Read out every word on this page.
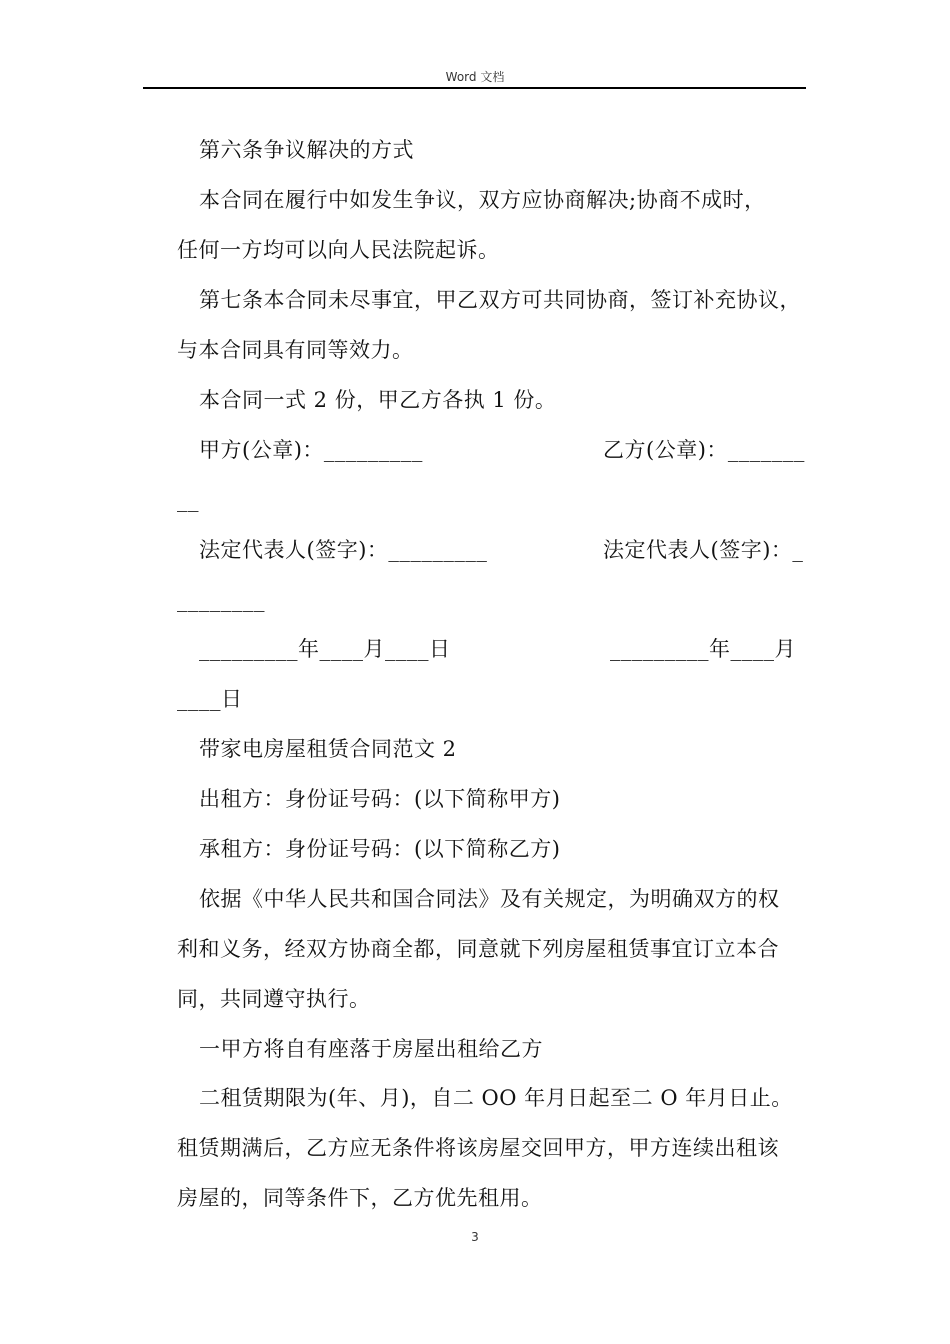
Word 文档
第六条争议解决的方式
本合同在履行中如发生争议，双方应协商解决;协商不成时，
任何一方均可以向人民法院起诉。
第七条本合同未尽事宜，甲乙双方可共同协商，签订补充协议，
与本合同具有同等效力。
本合同一式 2 份，甲乙方各执 1 份。
甲方(公章)：_________	乙方(公章)：_______
__
法定代表人(签字)：_________	法定代表人(签字)：_
________
_________年____月____日	_________年____月
____日
带家电房屋租赁合同范文 2
出租方：身份证号码：(以下简称甲方)
承租方：身份证号码：(以下简称乙方)
依据《中华人民共和国合同法》及有关规定，为明确双方的权
利和义务，经双方协商全都，同意就下列房屋租赁事宜订立本合
同，共同遵守执行。
一甲方将自有座落于房屋出租给乙方
二租赁期限为(年、月)，自二 OO 年月日起至二 O 年月日止。
租赁期满后，乙方应无条件将该房屋交回甲方，甲方连续出租该
房屋的，同等条件下，乙方优先租用。
3
